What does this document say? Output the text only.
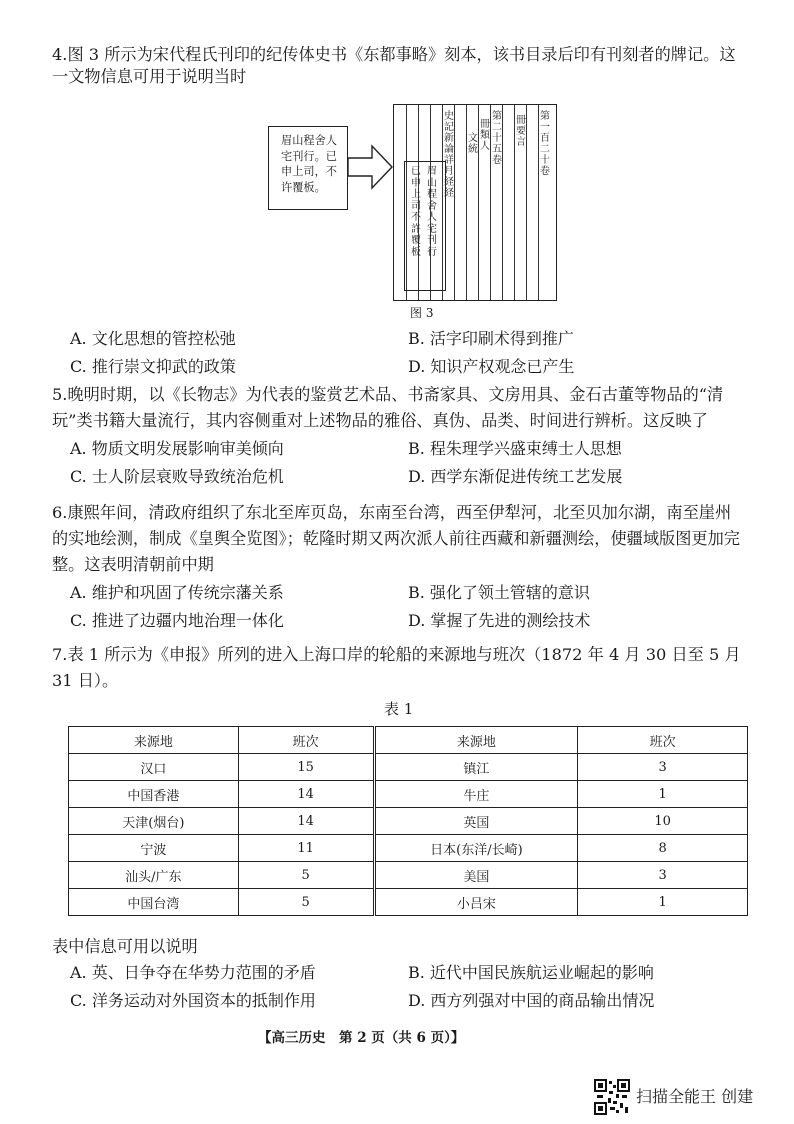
4.图 3 所示为宋代程氏刊印的纪传体史书《东都事略》刻本，该书目录后印有刊刻者的牌记。这一文物信息可用于说明当时
眉山程舍人宅刊行。已申上司，不许覆板。
史記新論詳月経経
文統
冊類人
第二十五卷
冊要言
第一百二十卷
眉山程舍人宅刊行
已申上司不許覆板
图 3
A. 文化思想的管控松弛	B. 活字印刷术得到推广
C. 推行崇文抑武的政策	D. 知识产权观念已产生
5.晚明时期，以《长物志》为代表的鉴赏艺术品、书斋家具、文房用具、金石古董等物品的“清玩”类书籍大量流行，其内容侧重对上述物品的雅俗、真伪、品类、时间进行辨析。这反映了
A. 物质文明发展影响审美倾向	B. 程朱理学兴盛束缚士人思想
C. 士人阶层衰败导致统治危机	D. 西学东渐促进传统工艺发展
6.康熙年间，清政府组织了东北至库页岛，东南至台湾，西至伊犁河，北至贝加尔湖，南至崖州的实地绘测，制成《皇舆全览图》；乾隆时期又两次派人前往西藏和新疆测绘，使疆域版图更加完整。这表明清朝前中期
A. 维护和巩固了传统宗藩关系	B. 强化了领土管辖的意识
C. 推进了边疆内地治理一体化	D. 掌握了先进的测绘技术
7.表 1 所示为《申报》所列的进入上海口岸的轮船的来源地与班次（1872 年 4 月 30 日至 5 月 31 日）。
表 1
来源地	班次	来源地	班次
汉口	15	镇江	3
中国香港	14	牛庄	1
天津(烟台)	14	英国	10
宁波	11	日本(东洋/长崎)	8
汕头/广东	5	美国	3
中国台湾	5	小吕宋	1
表中信息可用以说明
A. 英、日争夺在华势力范围的矛盾	B. 近代中国民族航运业崛起的影响
C. 洋务运动对外国资本的抵制作用	D. 西方列强对中国的商品输出情况
【高三历史　第 2 页（共 6 页）】
扫描全能王 创建
